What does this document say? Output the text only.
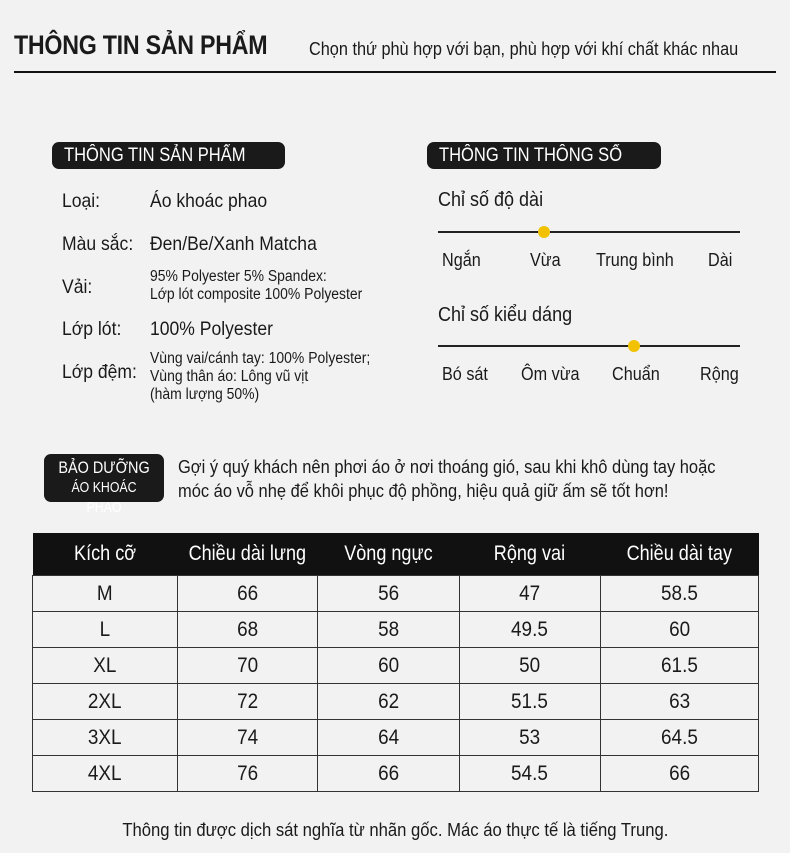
THÔNG TIN SẢN PHẨM Chọn thứ phù hợp với bạn, phù hợp với khí chất khác nhau
THÔNG TIN SẢN PHẨM
Loại:	Áo khoác phao
Màu sắc: Đen/Be/Xanh Matcha
Vải:	95% Polyester 5% Spandex:
Lớp lót composite 100% Polyester
Lớp lót: 100% Polyester
Lớp đệm:
Vùng vai/cánh tay: 100% Polyester;
Vùng thân áo: Lông vũ vịt
(hàm lượng 50%)
THÔNG TIN THÔNG SỐ
Chỉ số độ dài
Ngắn	Vừa Trung bình Dài
Chỉ số kiểu dáng
Bó sát Ôm vừa Chuẩn Rộng
BẢO DƯỠNG
ÁO KHOÁC PHAO
Gợi ý quý khách nên phơi áo ở nơi thoáng gió, sau khi khô dùng tay hoặc
móc áo vỗ nhẹ để khôi phục độ phồng, hiệu quả giữ ấm sẽ tốt hơn!
Kích cỡ	Chiều dài lưng	Vòng ngực	Rộng vai	Chiều dài tay
M	66	56	47	58.5
L	68	58	49.5	60
XL	70	60	50	61.5
2XL	72	62	51.5	63
3XL	74	64	53	64.5
4XL	76	66	54.5	66
Thông tin được dịch sát nghĩa từ nhãn gốc. Mác áo thực tế là tiếng Trung.
